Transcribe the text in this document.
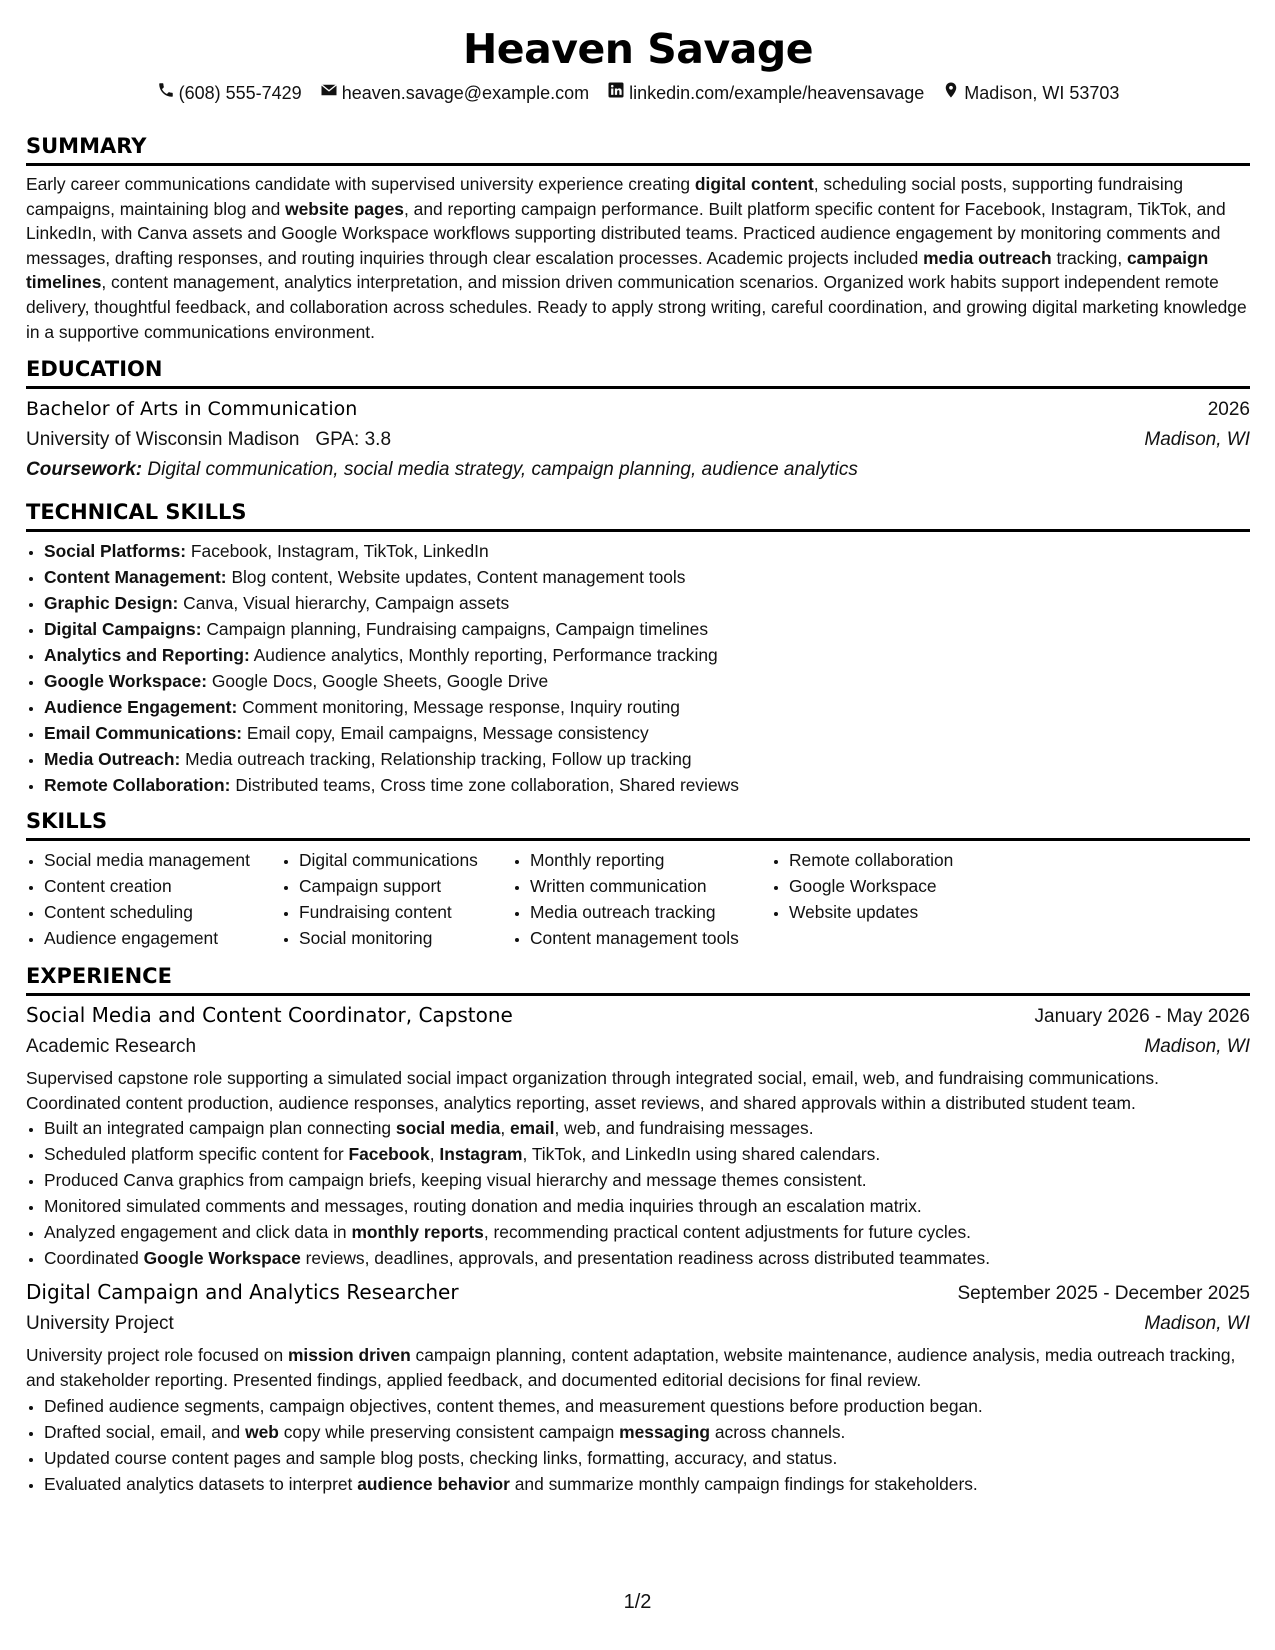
Heaven Savage
(608) 555-7429 heaven.savage@example.com linkedin.com/example/heavensavage Madison, WI 53703
SUMMARY
Early career communications candidate with supervised university experience creating digital content, scheduling social posts, supporting fundraising campaigns, maintaining blog and website pages, and reporting campaign performance. Built platform specific content for Facebook, Instagram, TikTok, and LinkedIn, with Canva assets and Google Workspace workflows supporting distributed teams. Practiced audience engagement by monitoring comments and messages, drafting responses, and routing inquiries through clear escalation processes. Academic projects included media outreach tracking, campaign timelines, content management, analytics interpretation, and mission driven communication scenarios. Organized work habits support independent remote delivery, thoughtful feedback, and collaboration across schedules. Ready to apply strong writing, careful coordination, and growing digital marketing knowledge in a supportive communications environment.
EDUCATION
Bachelor of Arts in Communication	2026
University of Wisconsin Madison GPA: 3.8	Madison, WI
Coursework: Digital communication, social media strategy, campaign planning, audience analytics
TECHNICAL SKILLS
• Social Platforms: Facebook, Instagram, TikTok, LinkedIn
• Content Management: Blog content, Website updates, Content management tools
• Graphic Design: Canva, Visual hierarchy, Campaign assets
• Digital Campaigns: Campaign planning, Fundraising campaigns, Campaign timelines
• Analytics and Reporting: Audience analytics, Monthly reporting, Performance tracking
• Google Workspace: Google Docs, Google Sheets, Google Drive
• Audience Engagement: Comment monitoring, Message response, Inquiry routing
• Email Communications: Email copy, Email campaigns, Message consistency
• Media Outreach: Media outreach tracking, Relationship tracking, Follow up tracking
• Remote Collaboration: Distributed teams, Cross time zone collaboration, Shared reviews
SKILLS
• Social media management
• Content creation
• Content scheduling
• Audience engagement
• Digital communications
• Campaign support
• Fundraising content
• Social monitoring
• Monthly reporting
• Written communication
• Media outreach tracking
• Content management tools
• Remote collaboration
• Google Workspace
• Website updates
EXPERIENCE
Social Media and Content Coordinator, Capstone	January 2026 - May 2026
Academic Research	Madison, WI
Supervised capstone role supporting a simulated social impact organization through integrated social, email, web, and fundraising communications. Coordinated content production, audience responses, analytics reporting, asset reviews, and shared approvals within a distributed student team.
• Built an integrated campaign plan connecting social media, email, web, and fundraising messages.
• Scheduled platform specific content for Facebook, Instagram, TikTok, and LinkedIn using shared calendars.
• Produced Canva graphics from campaign briefs, keeping visual hierarchy and message themes consistent.
• Monitored simulated comments and messages, routing donation and media inquiries through an escalation matrix.
• Analyzed engagement and click data in monthly reports, recommending practical content adjustments for future cycles.
• Coordinated Google Workspace reviews, deadlines, approvals, and presentation readiness across distributed teammates.
Digital Campaign and Analytics Researcher	September 2025 - December 2025
University Project	Madison, WI
University project role focused on mission driven campaign planning, content adaptation, website maintenance, audience analysis, media outreach tracking, and stakeholder reporting. Presented findings, applied feedback, and documented editorial decisions for final review.
• Defined audience segments, campaign objectives, content themes, and measurement questions before production began.
• Drafted social, email, and web copy while preserving consistent campaign messaging across channels.
• Updated course content pages and sample blog posts, checking links, formatting, accuracy, and status.
• Evaluated analytics datasets to interpret audience behavior and summarize monthly campaign findings for stakeholders.
1/2
